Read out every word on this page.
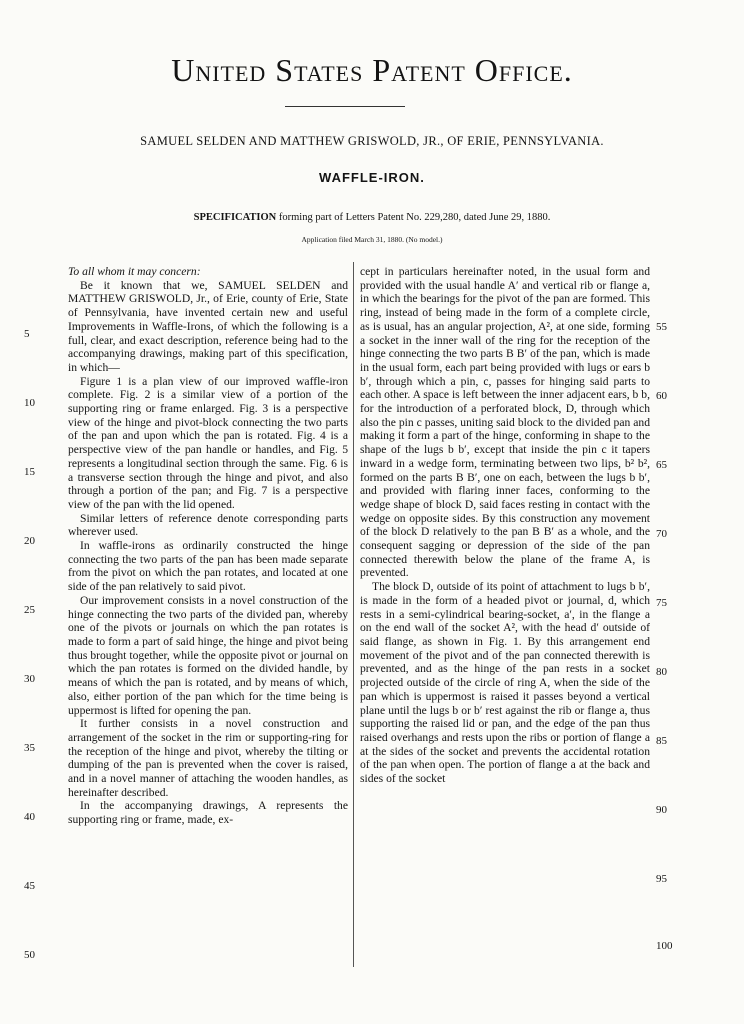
United States Patent Office.
SAMUEL SELDEN AND MATTHEW GRISWOLD, JR., OF ERIE, PENNSYLVANIA.
WAFFLE-IRON.
SPECIFICATION forming part of Letters Patent No. 229,280, dated June 29, 1880.
Application filed March 31, 1880. (No model.)

To all whom it may concern:

Be it known that we, SAMUEL SELDEN and MATTHEW GRISWOLD, Jr., of Erie, county of Erie, State of Pennsylvania, have invented certain new and useful Improvements in Waffle-Irons, of which the following is a full, clear, and exact description, reference being had to the accompanying drawings, making part of this specification, in which—

Figure 1 is a plan view of our improved waffle-iron complete. Fig. 2 is a similar view of a portion of the supporting ring or frame enlarged. Fig. 3 is a perspective view of the hinge and pivot-block connecting the two parts of the pan and upon which the pan is rotated. Fig. 4 is a perspective view of the pan handle or handles, and Fig. 5 represents a longitudinal section through the same. Fig. 6 is a transverse section through the hinge and pivot, and also through a portion of the pan; and Fig. 7 is a perspective view of the pan with the lid opened.

Similar letters of reference denote corresponding parts wherever used.

In waffle-irons as ordinarily constructed the hinge connecting the two parts of the pan has been made separate from the pivot on which the pan rotates, and located at one side of the pan relatively to said pivot.

Our improvement consists in a novel construction of the hinge connecting the two parts of the divided pan, whereby one of the pivots or journals on which the pan rotates is made to form a part of said hinge, the hinge and pivot being thus brought together, while the opposite pivot or journal on which the pan rotates is formed on the divided handle, by means of which the pan is rotated, and by means of which, also, either portion of the pan which for the time being is uppermost is lifted for opening the pan.

It further consists in a novel construction and arrangement of the socket in the rim or supporting-ring for the reception of the hinge and pivot, whereby the tilting or dumping of the pan is prevented when the cover is raised, and in a novel manner of attaching the wooden handles, as hereinafter described.

In the accompanying drawings, A represents the supporting ring or frame, made, ex-

cept in particulars hereinafter noted, in the usual form and provided with the usual handle A′ and vertical rib or flange a, in which the bearings for the pivot of the pan are formed. This ring, instead of being made in the form of a complete circle, as is usual, has an angular projection, A², at one side, forming a socket in the inner wall of the ring for the reception of the hinge connecting the two parts B B′ of the pan, which is made in the usual form, each part being provided with lugs or ears b b′, through which a pin, c, passes for hinging said parts to each other. A space is left between the inner adjacent ears, b b, for the introduction of a perforated block, D, through which also the pin c passes, uniting said block to the divided pan and making it form a part of the hinge, conforming in shape to the shape of the lugs b b′, except that inside the pin c it tapers inward in a wedge form, terminating between two lips, b² b², formed on the parts B B′, one on each, between the lugs b b′, and provided with flaring inner faces, conforming to the wedge shape of block D, said faces resting in contact with the wedge on opposite sides. By this construction any movement of the block D relatively to the pan B B′ as a whole, and the consequent sagging or depression of the side of the pan connected therewith below the plane of the frame A, is prevented.

The block D, outside of its point of attachment to lugs b b′, is made in the form of a headed pivot or journal, d, which rests in a semi-cylindrical bearing-socket, a′, in the flange a on the end wall of the socket A², with the head d′ outside of said flange, as shown in Fig. 1. By this arrangement end movement of the pivot and of the pan connected therewith is prevented, and as the hinge of the pan rests in a socket projected outside of the circle of ring A, when the side of the pan which is uppermost is raised it passes beyond a vertical plane until the lugs b or b′ rest against the rib or flange a, thus supporting the raised lid or pan, and the edge of the pan thus raised overhangs and rests upon the ribs or portion of flange a at the sides of the socket and prevents the accidental rotation of the pan when open. The portion of flange a at the back and sides of the socket

5
10
15
20
25
30
35
40
45
50
55
60
65
70
75
80
85
90
95
100
